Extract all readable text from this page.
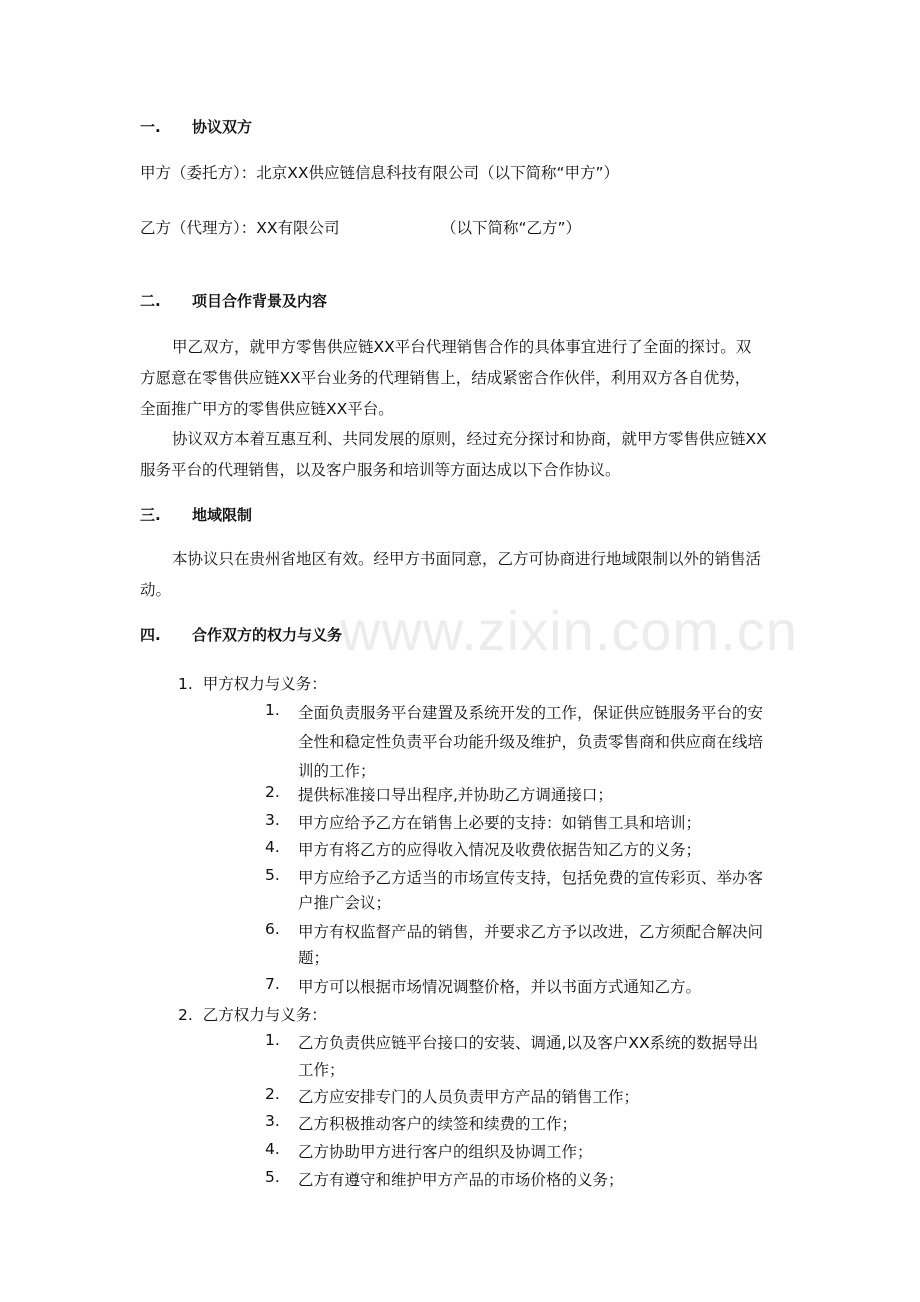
www.zixin.com.cn
一. 协议双方
甲方（委托方）：北京XX供应链信息科技有限公司（以下简称“甲方”）
乙方（代理方）：XX有限公司	（以下简称“乙方”）
二. 项目合作背景及内容
甲乙双方，就甲方零售供应链XX平台代理销售合作的具体事宜进行了全面的探讨。双
方愿意在零售供应链XX平台业务的代理销售上，结成紧密合作伙伴，利用双方各自优势，
全面推广甲方的零售供应链XX平台。
协议双方本着互惠互利、共同发展的原则，经过充分探讨和协商，就甲方零售供应链XX
服务平台的代理销售，以及客户服务和培训等方面达成以下合作协议。
三. 地域限制
本协议只在贵州省地区有效。经甲方书面同意，乙方可协商进行地域限制以外的销售活
动。
四. 合作双方的权力与义务
1. 甲方权力与义务：
1. 全面负责服务平台建置及系统开发的工作，保证供应链服务平台的安
全性和稳定性负责平台功能升级及维护，负责零售商和供应商在线培
训的工作；
2. 提供标准接口导出程序,并协助乙方调通接口；
3. 甲方应给予乙方在销售上必要的支持：如销售工具和培训；
4. 甲方有将乙方的应得收入情况及收费依据告知乙方的义务；
5. 甲方应给予乙方适当的市场宣传支持，包括免费的宣传彩页、举办客
户推广会议；
6. 甲方有权监督产品的销售，并要求乙方予以改进，乙方须配合解决问
题；
7. 甲方可以根据市场情况调整价格，并以书面方式通知乙方。
2. 乙方权力与义务：
1. 乙方负责供应链平台接口的安装、调通,以及客户XX系统的数据导出
工作；
2. 乙方应安排专门的人员负责甲方产品的销售工作；
3. 乙方积极推动客户的续签和续费的工作；
4. 乙方协助甲方进行客户的组织及协调工作；
5. 乙方有遵守和维护甲方产品的市场价格的义务；
